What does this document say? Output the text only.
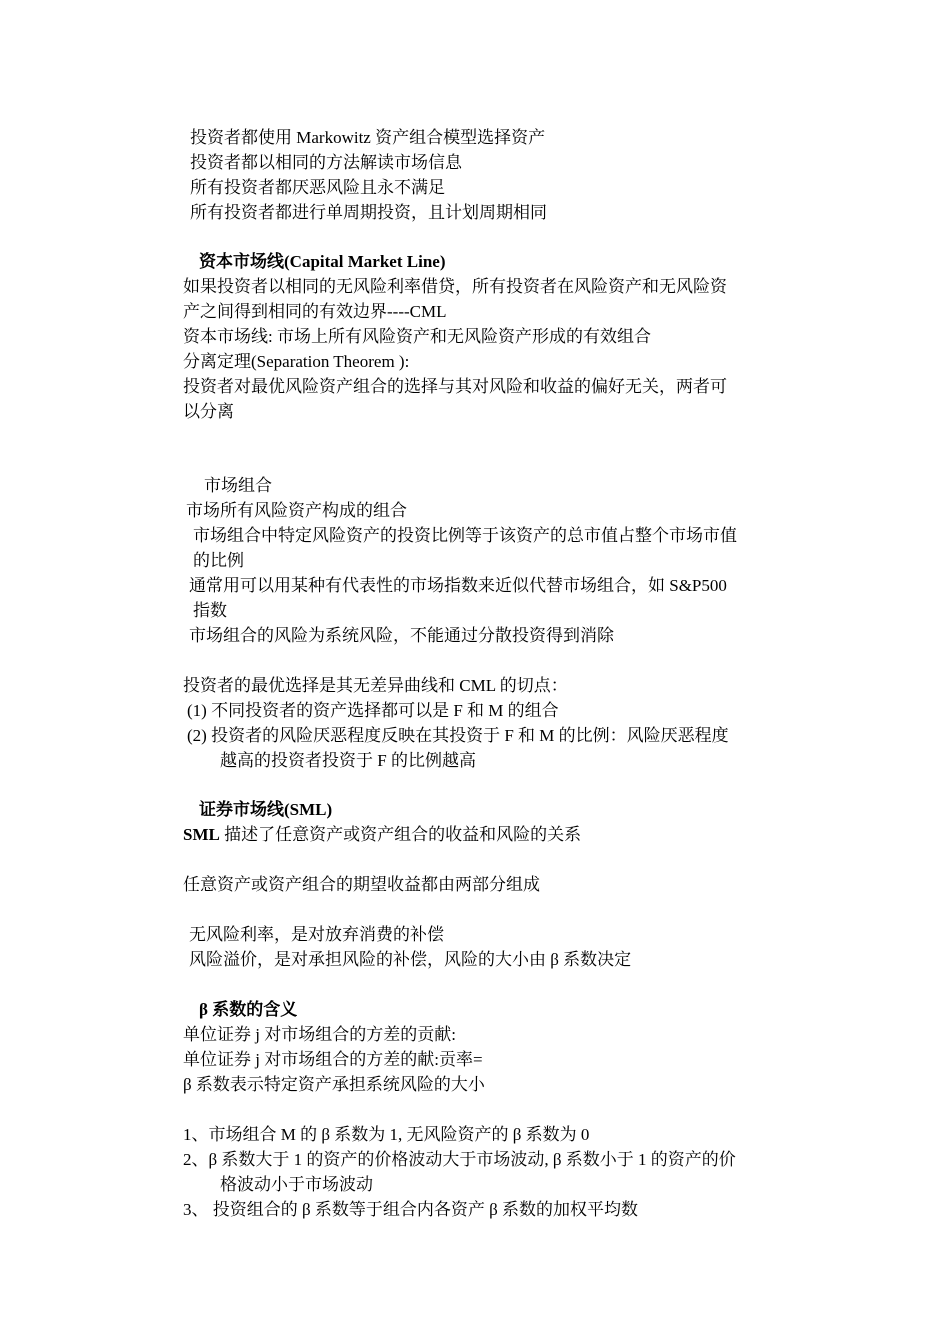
投资者都使用 Markowitz 资产组合模型选择资产
投资者都以相同的方法解读市场信息
所有投资者都厌恶风险且永不满足
所有投资者都进行单周期投资，且计划周期相同
资本市场线(Capital Market Line)
如果投资者以相同的无风险利率借贷，所有投资者在风险资产和无风险资
产之间得到相同的有效边界----CML
资本市场线: 市场上所有风险资产和无风险资产形成的有效组合
分离定理(Separation Theorem ):
投资者对最优风险资产组合的选择与其对风险和收益的偏好无关，两者可
以分离
市场组合
市场所有风险资产构成的组合
市场组合中特定风险资产的投资比例等于该资产的总市值占整个市场市值
的比例
通常用可以用某种有代表性的市场指数来近似代替市场组合，如 S&P500
指数
市场组合的风险为系统风险，不能通过分散投资得到消除
投资者的最优选择是其无差异曲线和 CML 的切点：
(1) 不同投资者的资产选择都可以是 F 和 M 的组合
(2) 投资者的风险厌恶程度反映在其投资于 F 和 M 的比例：风险厌恶程度
越高的投资者投资于 F 的比例越高
证券市场线(SML)
SML 描述了任意资产或资产组合的收益和风险的关系
任意资产或资产组合的期望收益都由两部分组成
无风险利率，是对放弃消费的补偿
风险溢价，是对承担风险的补偿，风险的大小由 β 系数决定
β 系数的含义
单位证券 j 对市场组合的方差的贡献:
单位证券 j 对市场组合的方差的献:贡率=
β 系数表示特定资产承担系统风险的大小
1、市场组合 M 的 β 系数为 1, 无风险资产的 β 系数为 0
2、β 系数大于 1 的资产的价格波动大于市场波动, β 系数小于 1 的资产的价
格波动小于市场波动
3、 投资组合的 β 系数等于组合内各资产 β 系数的加权平均数
